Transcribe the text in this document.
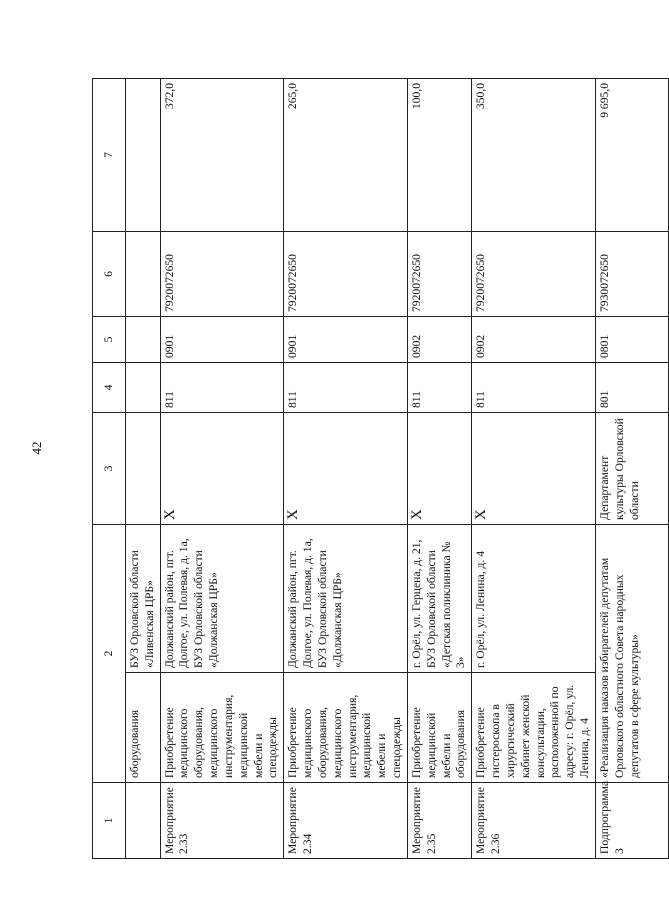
42
1	2		3	4	5	6	7
	оборудования	БУЗ Орловской области «Ливенская ЦРБ»					
Мероприятие 2.33	Приобретение медицинского оборудования, медицинского инструментария, медицинской мебели и спецодежды	Должанский район, пгт. Долгое, ул. Полевая, д. 1а, БУЗ Орловской области «Должанская ЦРБ»	Х	811	0901	7920072650	372,0
Мероприятие 2.34	Приобретение медицинского оборудования, медицинского инструментария, медицинской мебели и спецодежды	Должанский район, пгт. Долгое, ул. Полевая, д. 1а, БУЗ Орловской области «Должанская ЦРБ»	Х	811	0901	7920072650	265,0
Мероприятие 2.35	Приобретение медицинской мебели и оборудования	г. Орёл, ул. Герцена, д. 21, БУЗ Орловской области «Детская поликлиника № 3»	Х	811	0902	7920072650	100,0
Мероприятие 2.36	Приобретение гистероскопа в хирургический кабинет женской консультации, расположенной по адресу: г. Орёл, ул. Ленина, д. 4	г. Орёл, ул. Ленина, д. 4	Х	811	0902	7920072650	350,0
Подпрограмма 3	«Реализация наказов избирателей депутатам Орловского областного Совета народных депутатов в сфере культуры»		Департамент культуры Орловской области	801	0801	7930072650	9 695,0
